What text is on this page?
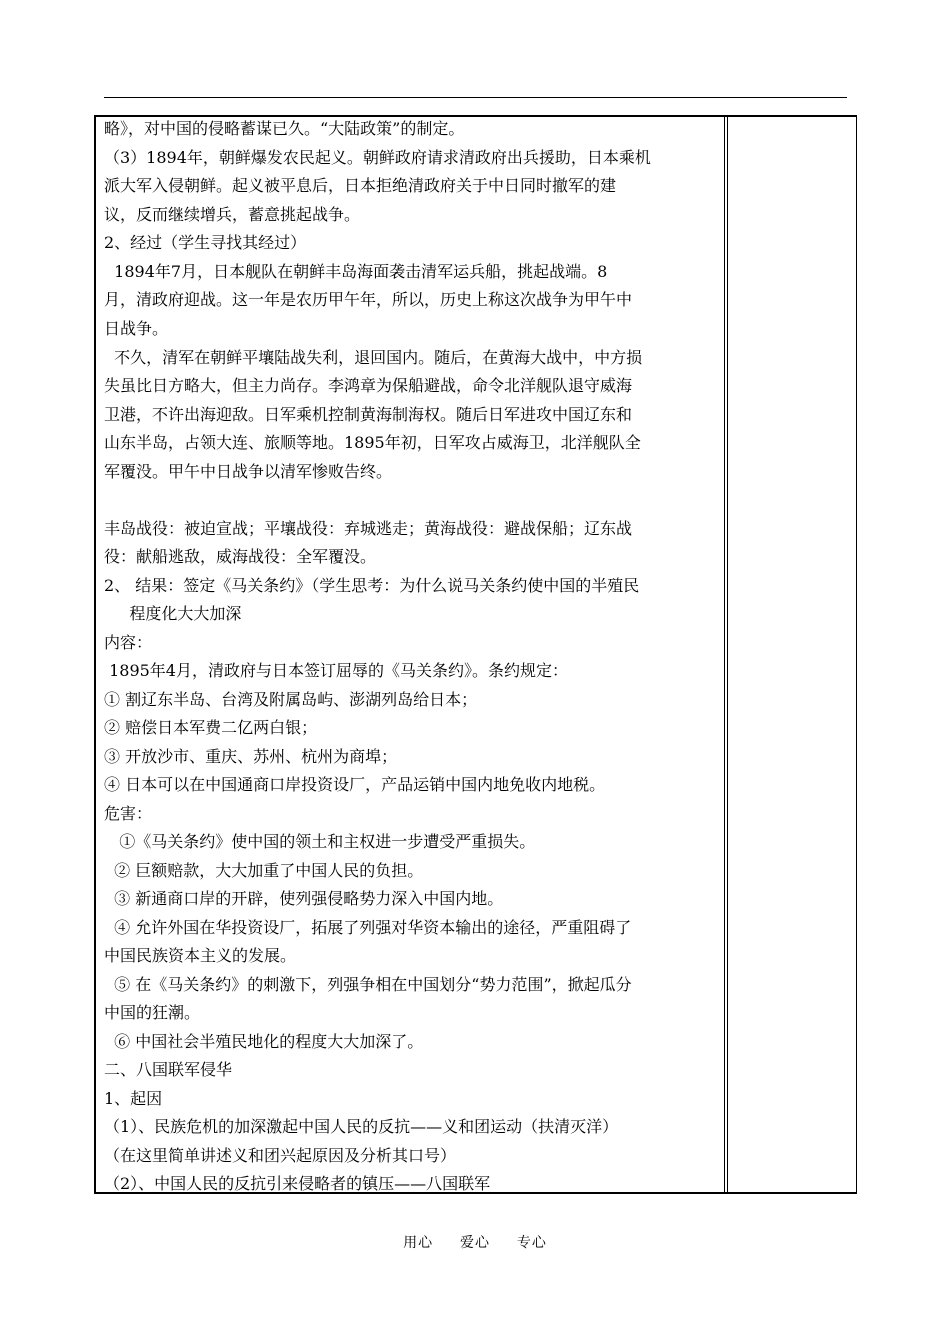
略》，对中国的侵略蓄谋已久。“大陆政策”的制定。
（3）1894年，朝鲜爆发农民起义。朝鲜政府请求清政府出兵援助，日本乘机
派大军入侵朝鲜。起义被平息后，日本拒绝清政府关于中日同时撤军的建
议，反而继续增兵，蓄意挑起战争。
2、经过（学生寻找其经过）
1894年7月，日本舰队在朝鲜丰岛海面袭击清军运兵船，挑起战端。8
月，清政府迎战。这一年是农历甲午年，所以，历史上称这次战争为甲午中
日战争。
不久，清军在朝鲜平壤陆战失利，退回国内。随后，在黄海大战中，中方损
失虽比日方略大，但主力尚存。李鸿章为保船避战，命令北洋舰队退守威海
卫港，不许出海迎敌。日军乘机控制黄海制海权。随后日军进攻中国辽东和
山东半岛，占领大连、旅顺等地。1895年初，日军攻占威海卫，北洋舰队全
军覆没。甲午中日战争以清军惨败告终。
丰岛战役：被迫宣战；平壤战役：弃城逃走；黄海战役：避战保船；辽东战
役：献船逃敌，威海战役：全军覆没。
2、 结果：签定《马关条约》（学生思考：为什么说马关条约使中国的半殖民
程度化大大加深
内容：
1895年4月，清政府与日本签订屈辱的《马关条约》。条约规定：
① 割辽东半岛、台湾及附属岛屿、澎湖列岛给日本；
② 赔偿日本军费二亿两白银；
③ 开放沙市、重庆、苏州、杭州为商埠；
④ 日本可以在中国通商口岸投资设厂，产品运销中国内地免收内地税。
危害：
①《马关条约》使中国的领土和主权进一步遭受严重损失。
② 巨额赔款，大大加重了中国人民的负担。
③ 新通商口岸的开辟，使列强侵略势力深入中国内地。
④ 允许外国在华投资设厂，拓展了列强对华资本输出的途径，严重阻碍了
中国民族资本主义的发展。
⑤ 在《马关条约》的刺激下，列强争相在中国划分“势力范围”，掀起瓜分
中国的狂潮。
⑥ 中国社会半殖民地化的程度大大加深了。
二、八国联军侵华
1、起因
（1）、民族危机的加深激起中国人民的反抗——义和团运动（扶清灭洋）
（在这里简单讲述义和团兴起原因及分析其口号）
（2）、中国人民的反抗引来侵略者的镇压——八国联军
用心  爱心  专心
